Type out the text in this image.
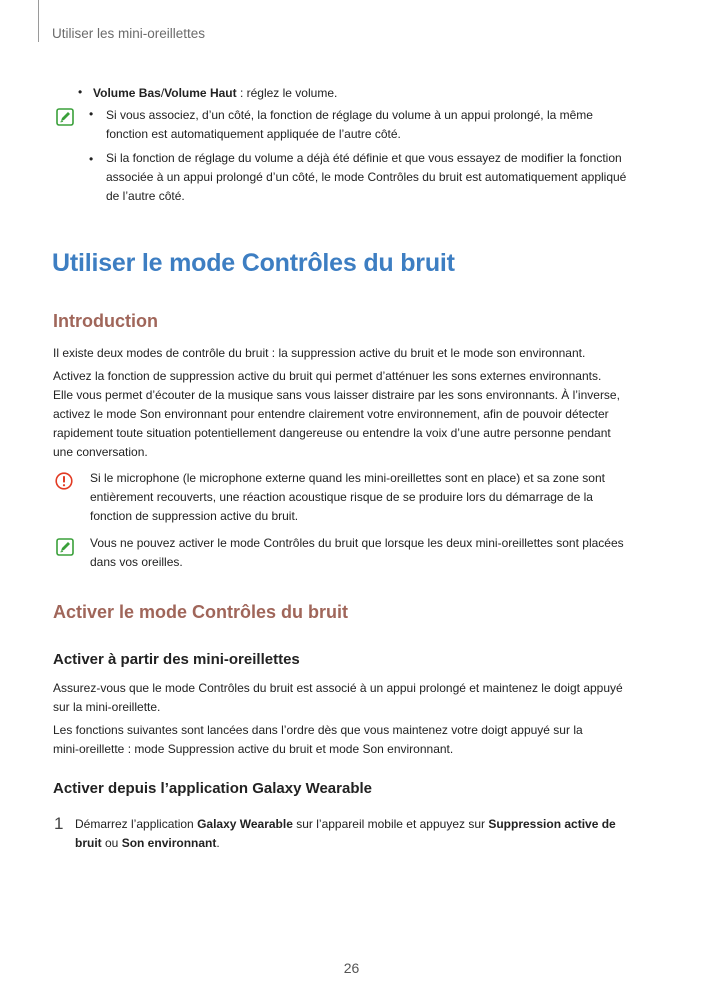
Utiliser les mini-oreillettes
• Volume Bas/Volume Haut : réglez le volume.
• Si vous associez, d’un côté, la fonction de réglage du volume à un appui prolongé, la même
fonction est automatiquement appliquée de l’autre côté.
• Si la fonction de réglage du volume a déjà été définie et que vous essayez de modifier la fonction
associée à un appui prolongé d’un côté, le mode Contrôles du bruit est automatiquement appliqué
de l’autre côté.
Utiliser le mode Contrôles du bruit
Introduction
Il existe deux modes de contrôle du bruit : la suppression active du bruit et le mode son environnant.
Activez la fonction de suppression active du bruit qui permet d’atténuer les sons externes environnants.
Elle vous permet d’écouter de la musique sans vous laisser distraire par les sons environnants. À l’inverse,
activez le mode Son environnant pour entendre clairement votre environnement, afin de pouvoir détecter
rapidement toute situation potentiellement dangereuse ou entendre la voix d’une autre personne pendant
une conversation.
Si le microphone (le microphone externe quand les mini-oreillettes sont en place) et sa zone sont
entièrement recouverts, une réaction acoustique risque de se produire lors du démarrage de la
fonction de suppression active du bruit.
Vous ne pouvez activer le mode Contrôles du bruit que lorsque les deux mini-oreillettes sont placées
dans vos oreilles.
Activer le mode Contrôles du bruit
Activer à partir des mini-oreillettes
Assurez-vous que le mode Contrôles du bruit est associé à un appui prolongé et maintenez le doigt appuyé
sur la mini-oreillette.
Les fonctions suivantes sont lancées dans l’ordre dès que vous maintenez votre doigt appuyé sur la
mini-oreillette : mode Suppression active du bruit et mode Son environnant.
Activer depuis l’application Galaxy Wearable
1 Démarrez l’application Galaxy Wearable sur l’appareil mobile et appuyez sur Suppression active de
bruit ou Son environnant.
26
